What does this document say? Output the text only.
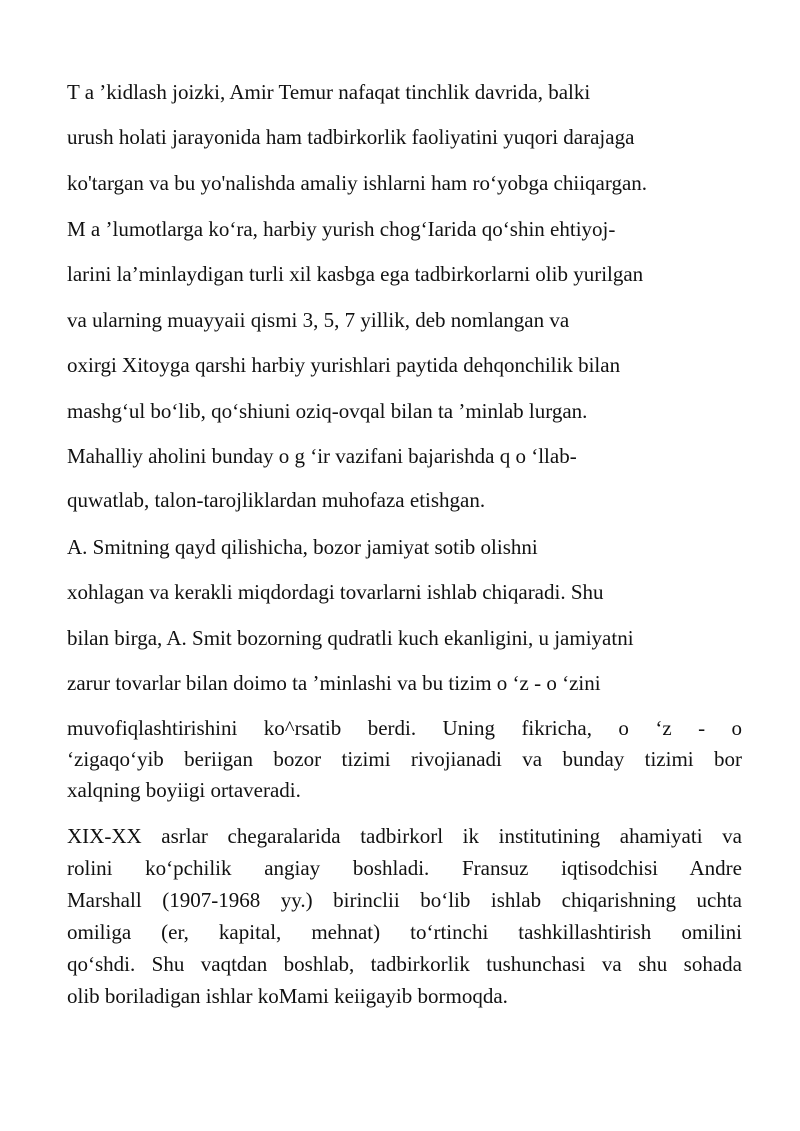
T a ’kidlash joizki, Amir Temur nafaqat tinchlik davrida, balki
urush holati jarayonida ham tadbirkorlik faoliyatini yuqori darajaga
ko'targan va bu yo'nalishda amaliy ishlarni ham ro‘yobga chiiqargan.
M a ’lumotlarga ko‘ra, harbiy yurish chog‘Iarida qo‘shin ehtiyoj-
larini la’minlaydigan turli xil kasbga ega tadbirkorlarni olib yurilgan
va ularning muayyaii qismi 3, 5, 7 yillik, deb nomlangan va
oxirgi Xitoyga qarshi harbiy yurishlari paytida dehqonchilik bilan
mashg‘ul bo‘lib, qo‘shiuni oziq-ovqal bilan ta ’minlab lurgan.
Mahalliy aholini bunday o g ‘ir vazifani bajarishda q o ‘llab-
quwatlab, talon-tarojliklardan muhofaza etishgan.
A. Smitning qayd qilishicha, bozor jamiyat sotib olishni
xohlagan va kerakli miqdordagi tovarlarni ishlab chiqaradi. Shu
bilan birga, A. Smit bozorning qudratli kuch ekanligini, u jamiyatni
zarur tovarlar bilan doimo ta ’minlashi va bu tizim o ‘z - o ‘zini
muvofiqlashtirishini ko^rsatib berdi. Uning fikricha, o ‘z - o
‘zigaqo‘yib beriigan bozor tizimi rivojianadi va bunday tizimi bor
xalqning boyiigi ortaveradi.
XIX-XX asrlar chegaralarida tadbirkorl ik institutining ahamiyati va
rolini ko‘pchilik angiay boshladi. Fransuz iqtisodchisi Andre
Marshall (1907-1968 yy.) birinclii bo‘lib ishlab chiqarishning uchta
omiliga (er, kapital, mehnat) to‘rtinchi tashkillashtirish omilini
qo‘shdi. Shu vaqtdan boshlab, tadbirkorlik tushunchasi va shu sohada
olib boriladigan ishlar koMami keiigayib bormoqda.
